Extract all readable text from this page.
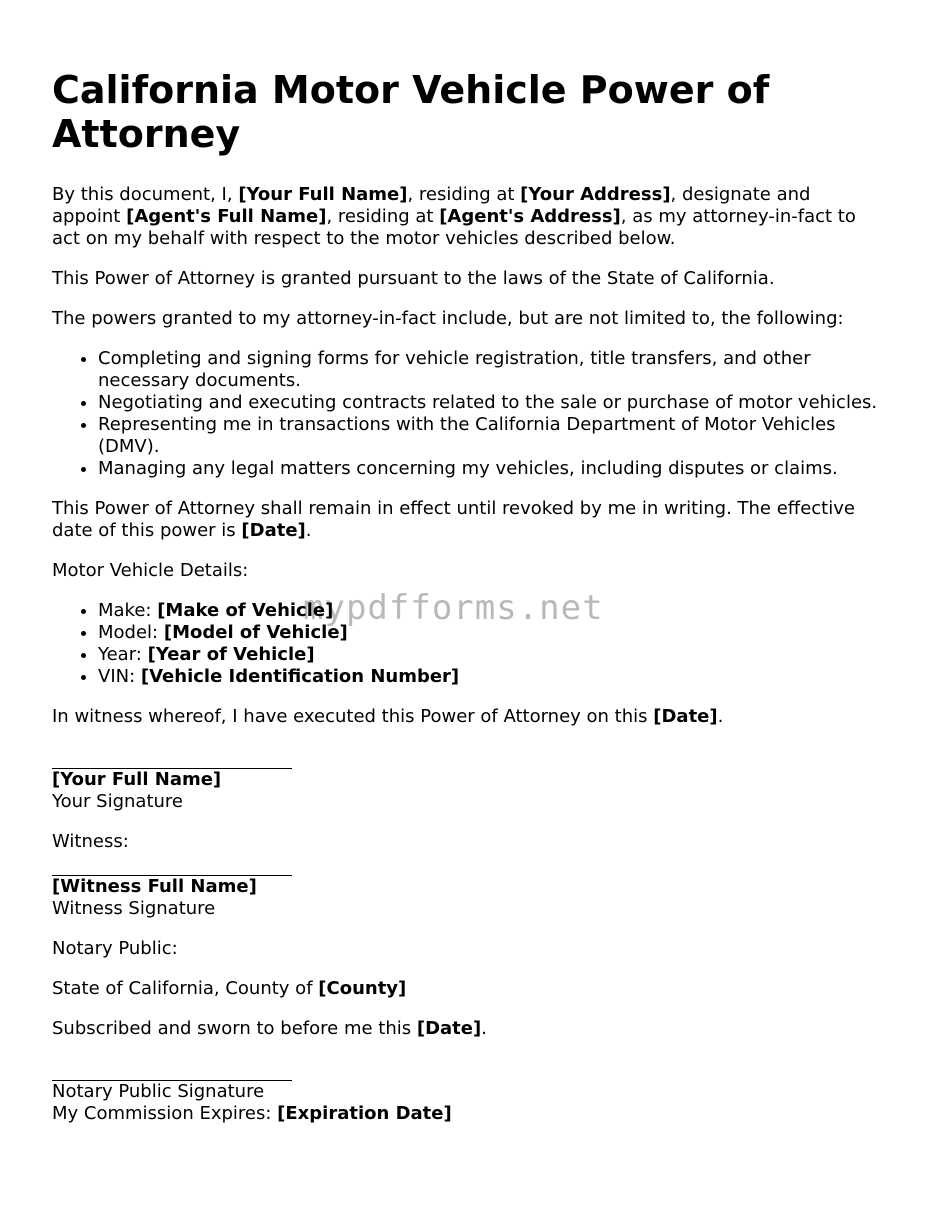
California Motor Vehicle Power of Attorney

By this document, I, [Your Full Name], residing at [Your Address], designate and appoint [Agent's Full Name], residing at [Agent's Address], as my attorney-in-fact to act on my behalf with respect to the motor vehicles described below.

This Power of Attorney is granted pursuant to the laws of the State of California.

The powers granted to my attorney-in-fact include, but are not limited to, the following:

• Completing and signing forms for vehicle registration, title transfers, and other necessary documents.
• Negotiating and executing contracts related to the sale or purchase of motor vehicles.
• Representing me in transactions with the California Department of Motor Vehicles (DMV).
• Managing any legal matters concerning my vehicles, including disputes or claims.

This Power of Attorney shall remain in effect until revoked by me in writing. The effective date of this power is [Date].

Motor Vehicle Details:

• Make: [Make of Vehicle]
• Model: [Model of Vehicle]
• Year: [Year of Vehicle]
• VIN: [Vehicle Identification Number]

In witness whereof, I have executed this Power of Attorney on this [Date].

[Your Full Name]
Your Signature
Witness:
[Witness Full Name]
Witness Signature

Notary Public:

State of California, County of [County]

Subscribed and sworn to before me this [Date].

Notary Public Signature
My Commission Expires: [Expiration Date]
mypdfforms.net
